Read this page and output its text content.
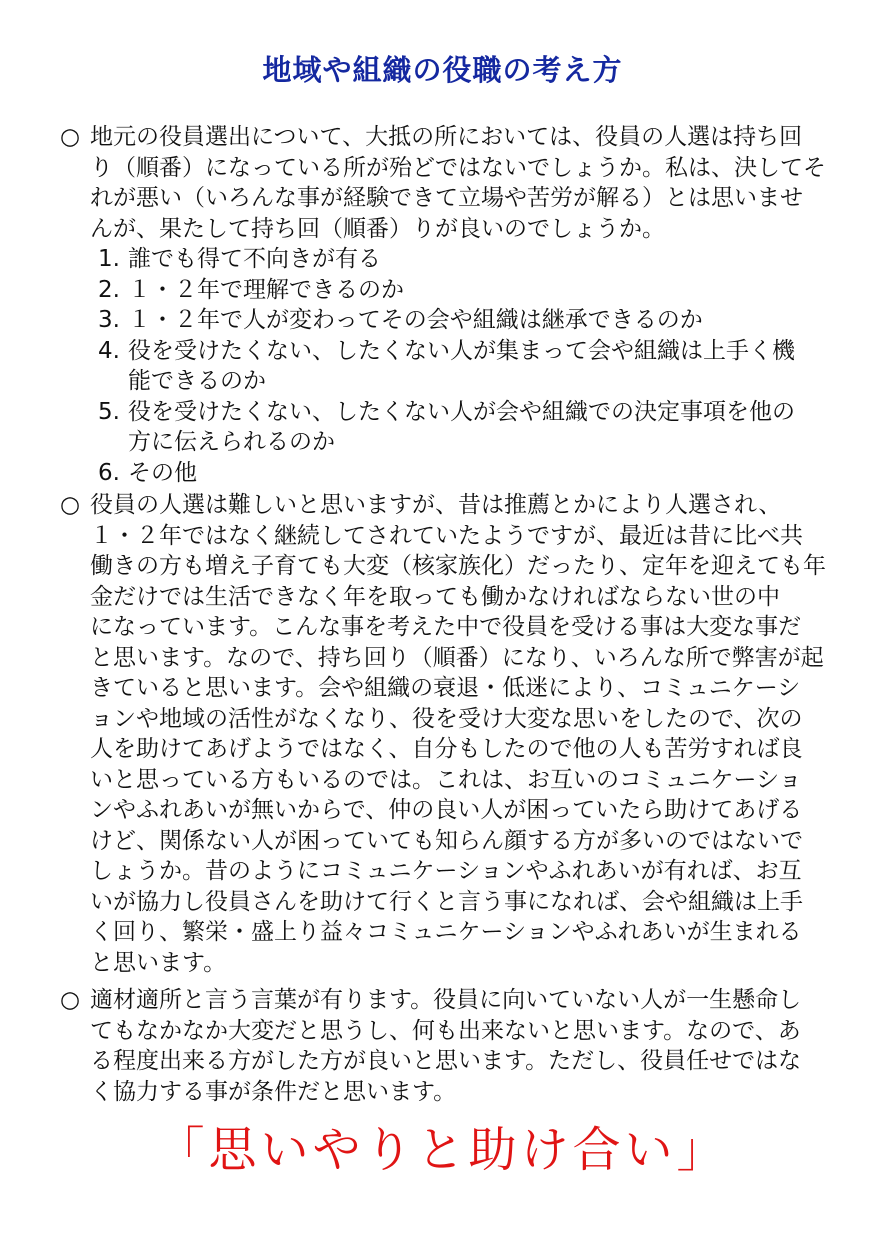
地域や組織の役職の考え方
○ 地元の役員選出について、大抵の所においては、役員の人選は持ち回
り（順番）になっている所が殆どではないでしょうか。私は、決してそ
れが悪い（いろんな事が経験できて立場や苦労が解る）とは思いませ
んが、果たして持ち回（順番）りが良いのでしょうか。
1. 誰でも得て不向きが有る
2. １・２年で理解できるのか
3. １・２年で人が変わってその会や組織は継承できるのか
4. 役を受けたくない、したくない人が集まって会や組織は上手く機
能できるのか
5. 役を受けたくない、したくない人が会や組織での決定事項を他の
方に伝えられるのか
6. その他
○ 役員の人選は難しいと思いますが、昔は推薦とかにより人選され、
１・２年ではなく継続してされていたようですが、最近は昔に比べ共
働きの方も増え子育ても大変（核家族化）だったり、定年を迎えても年
金だけでは生活できなく年を取っても働かなければならない世の中
になっています。こんな事を考えた中で役員を受ける事は大変な事だ
と思います。なので、持ち回り（順番）になり、いろんな所で弊害が起
きていると思います。会や組織の衰退・低迷により、コミュニケーシ
ョンや地域の活性がなくなり、役を受け大変な思いをしたので、次の
人を助けてあげようではなく、自分もしたので他の人も苦労すれば良
いと思っている方もいるのでは。これは、お互いのコミュニケーショ
ンやふれあいが無いからで、仲の良い人が困っていたら助けてあげる
けど、関係ない人が困っていても知らん顔する方が多いのではないで
しょうか。昔のようにコミュニケーションやふれあいが有れば、お互
いが協力し役員さんを助けて行くと言う事になれば、会や組織は上手
く回り、繁栄・盛上り益々コミュニケーションやふれあいが生まれる
と思います。
○ 適材適所と言う言葉が有ります。役員に向いていない人が一生懸命し
てもなかなか大変だと思うし、何も出来ないと思います。なので、あ
る程度出来る方がした方が良いと思います。ただし、役員任せではな
く協力する事が条件だと思います。
「思いやりと助け合い」
